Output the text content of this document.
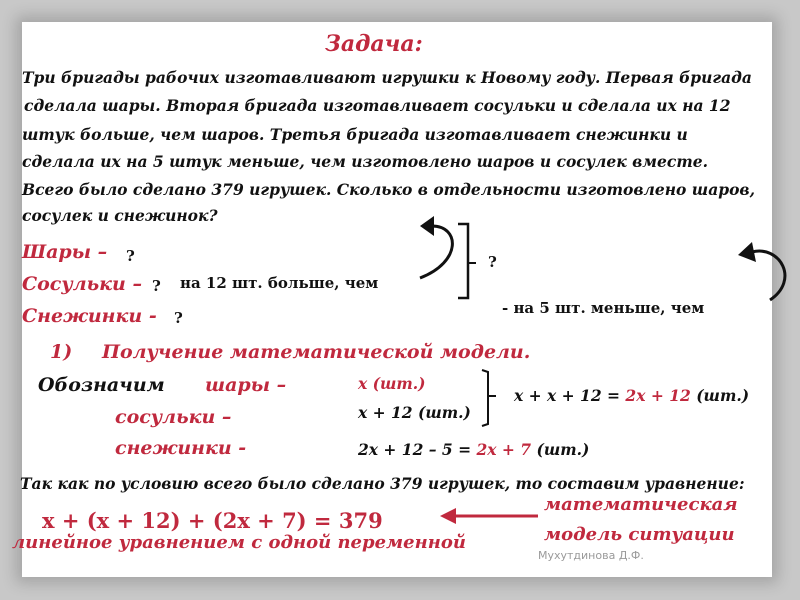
Задача:
Три бригады рабочих изготавливают игрушки к Новому году. Первая бригада
сделала шары. Вторая бригада изготавливает сосульки и сделала их на 12
штук больше, чем шаров. Третья бригада изготавливает снежинки и
сделала их на 5 штук меньше, чем изготовлено шаров и сосулек вместе.
Всего было сделано 379 игрушек. Сколько в отдельности изготовлено шаров,
сосулек и снежинок?
Шары – ?
Сосульки – ?
Снежинки - ?
на 12 шт. больше, чем
?
- на 5 шт. меньше, чем
1) Получение математической модели.
Обозначим шары –
сосульки –
снежинки -
x (шт.)
x + 12 (шт.)
x + x + 12 = 2x + 12 (шт.)
2x + 12 – 5 = 2x + 7 (шт.)
Так как по условию всего было сделано 379 игрушек, то составим уравнение:
x + (x + 12) + (2x + 7) = 379
линейное уравнением с одной переменной
математическая
модель ситуации
Мухутдинова Д.Ф.
